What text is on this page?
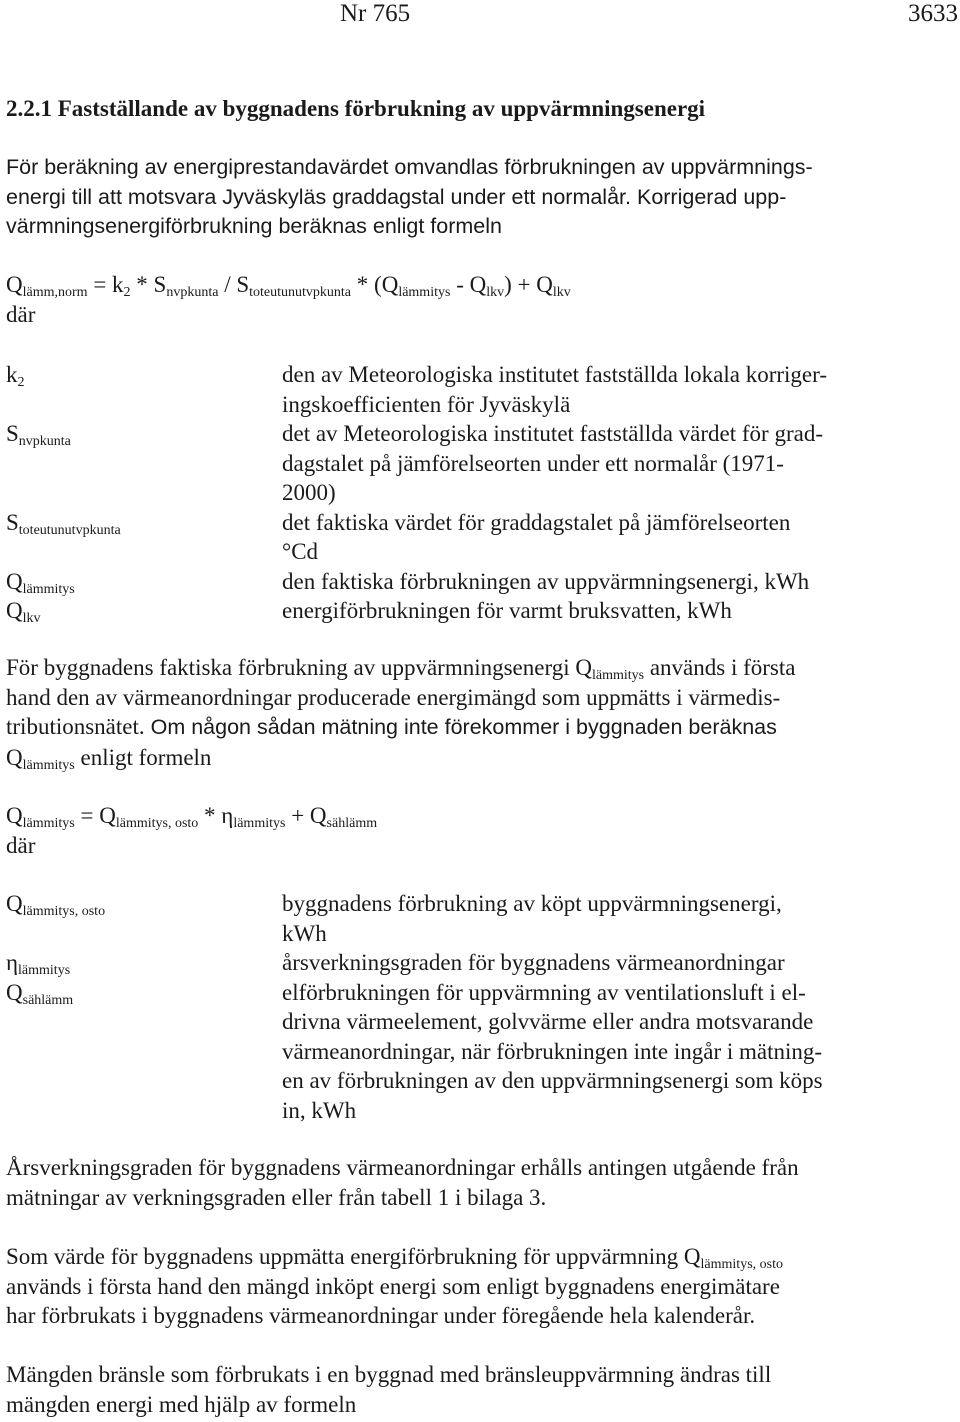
Nr 765	3633
2.2.1 Fastställande av byggnadens förbrukning av uppvärmningsenergi

För beräkning av energiprestandavärdet omvandlas förbrukningen av uppvärmnings-
energi till att motsvara Jyväskyläs graddagstal under ett normalår. Korrigerad upp-
värmningsenergiförbrukning beräknas enligt formeln

$Q_{lämm,norm} = k_2 * S_{nvpkunta} / S_{toteutunutvpkunta} * (Q_{lämmitys} - Q_{lkv}) + Q_{lkv}$
där

$k_2$	den av Meteorologiska institutet fastställda lokala korriger-
ingskoefficienten för Jyväskylä
$S_{nvpkunta}$	det av Meteorologiska institutet fastställda värdet för grad-
dagstalet på jämförelseorten under ett normalår (1971-
2000)
$S_{toteutunutvpkunta}$	det faktiska värdet för graddagstalet på jämförelseorten
°Cd
$Q_{lämmitys}$	den faktiska förbrukningen av uppvärmningsenergi, kWh
$Q_{lkv}$	energiförbrukningen för varmt bruksvatten, kWh

För byggnadens faktiska förbrukning av uppvärmningsenergi $Q_{lämmitys}$ används i första
hand den av värmeanordningar producerade energimängd som uppmätts i värmedis-
tributionsnätet. Om någon sådan mätning inte förekommer i byggnaden beräknas
$Q_{lämmitys}$ enligt formeln

$Q_{lämmitys} = Q_{lämmitys, osto} * \eta_{lämmitys} + Q_{sählämm}$
där

$Q_{lämmitys, osto}$	byggnadens förbrukning av köpt uppvärmningsenergi,
kWh
$\eta_{lämmitys}$	årsverkningsgraden för byggnadens värmeanordningar
$Q_{sählämm}$	elförbrukningen för uppvärmning av ventilationsluft i el-
drivna värmeelement, golvvärme eller andra motsvarande
värmeanordningar, när förbrukningen inte ingår i mätning-
en av förbrukningen av den uppvärmningsenergi som köps
in, kWh

Årsverkningsgraden för byggnadens värmeanordningar erhålls antingen utgående från
mätningar av verkningsgraden eller från tabell 1 i bilaga 3.

Som värde för byggnadens uppmätta energiförbrukning för uppvärmning $Q_{lämmitys, osto}$
används i första hand den mängd inköpt energi som enligt byggnadens energimätare
har förbrukats i byggnadens värmeanordningar under föregående hela kalenderår.

Mängden bränsle som förbrukats i en byggnad med bränsleuppvärmning ändras till
mängden energi med hjälp av formeln
